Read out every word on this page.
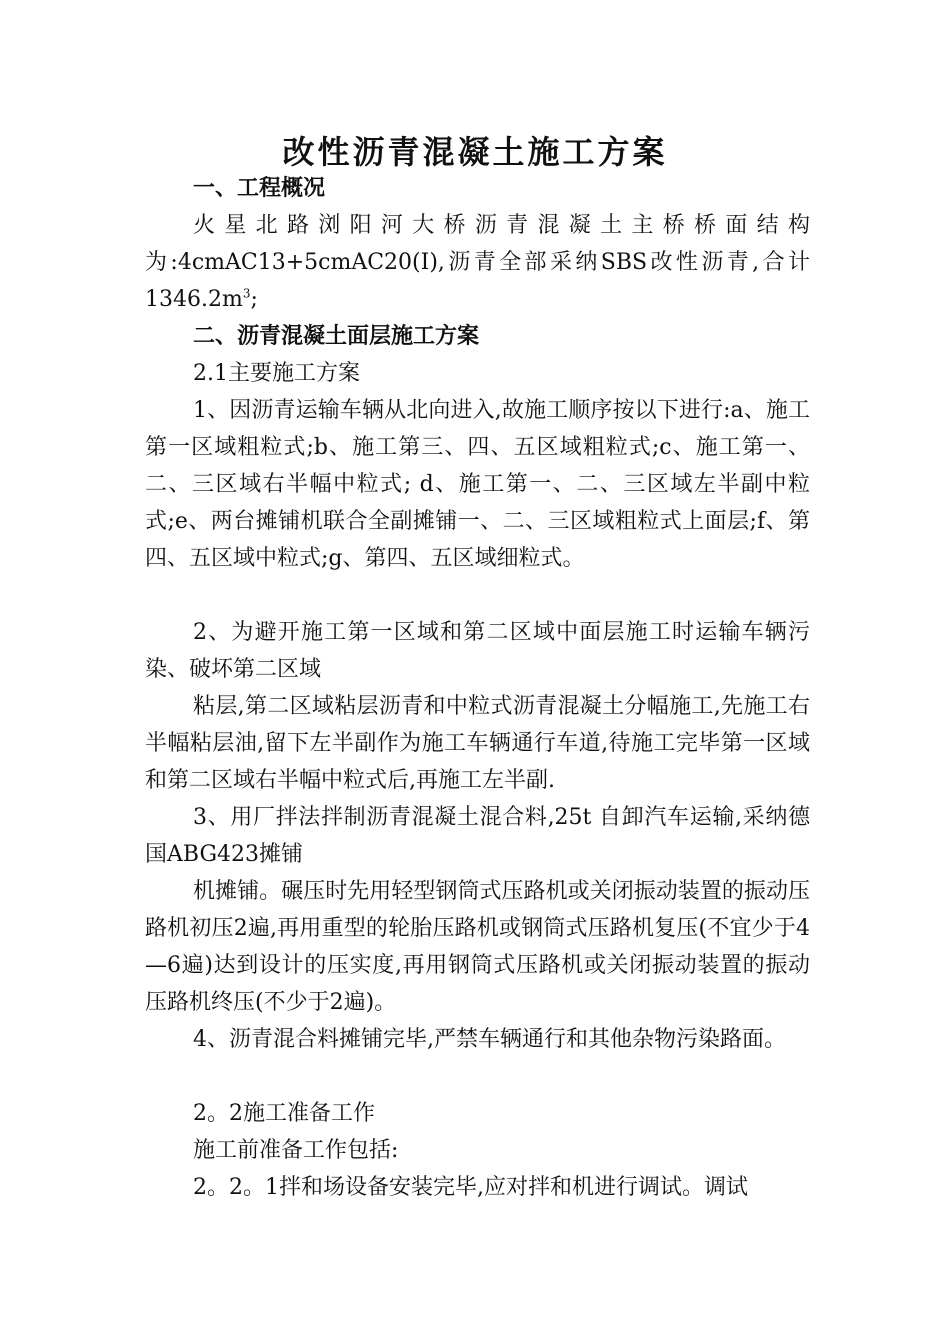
改性沥青混凝土施工方案

一、工程概况

火星北路浏阳河大桥沥青混凝土主桥桥面结构为:4cmAC13+5cmAC20(I),沥青全部采纳SBS改性沥青,合计$1346.2m^3$;

二、沥青混凝土面层施工方案

2.1主要施工方案

1、因沥青运输车辆从北向进入,故施工顺序按以下进行:a、施工第一区域粗粒式;b、施工第三、四、五区域粗粒式;c、施工第一、二、三区域右半幅中粒式; d、施工第一、二、三区域左半副中粒式;e、两台摊铺机联合全副摊铺一、二、三区域粗粒式上面层;f、第四、五区域中粒式;g、第四、五区域细粒式。

2、为避开施工第一区域和第二区域中面层施工时运输车辆污染、破坏第二区域

粘层,第二区域粘层沥青和中粒式沥青混凝土分幅施工,先施工右半幅粘层油,留下左半副作为施工车辆通行车道,待施工完毕第一区域和第二区域右半幅中粒式后,再施工左半副.

3、用厂拌法拌制沥青混凝土混合料,25t 自卸汽车运输,采纳德国ABG423摊铺

机摊铺。碾压时先用轻型钢筒式压路机或关闭振动装置的振动压路机初压2遍,再用重型的轮胎压路机或钢筒式压路机复压(不宜少于4—6遍)达到设计的压实度,再用钢筒式压路机或关闭振动装置的振动压路机终压(不少于2遍)。

4、沥青混合料摊铺完毕,严禁车辆通行和其他杂物污染路面。

2。2施工准备工作

施工前准备工作包括:

2。2。1拌和场设备安装完毕,应对拌和机进行调试。调试
